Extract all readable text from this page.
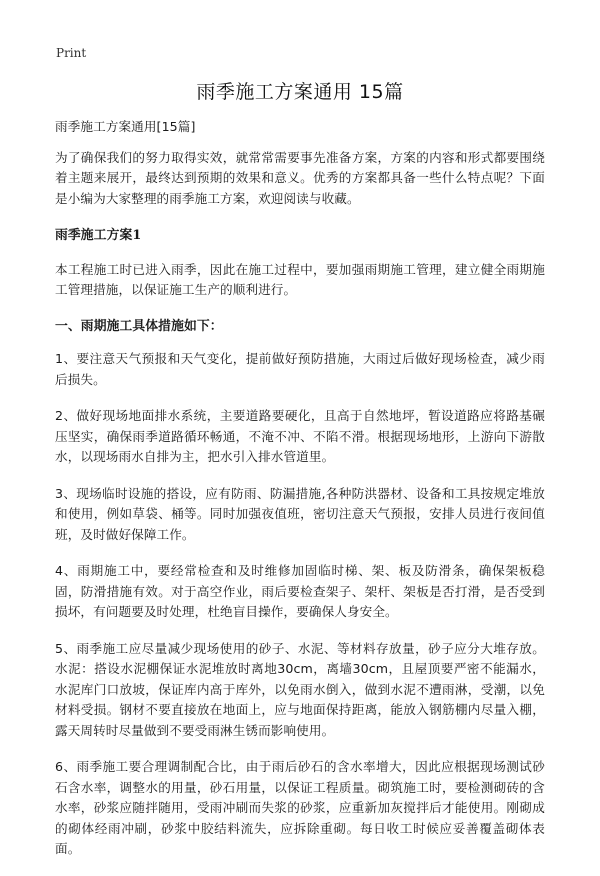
Print
雨季施工方案通用 15篇

雨季施工方案通用[15篇]

为了确保我们的努力取得实效，就常常需要事先准备方案，方案的内容和形式都要围绕着主题来展开，最终达到预期的效果和意义。优秀的方案都具备一些什么特点呢？下面是小编为大家整理的雨季施工方案，欢迎阅读与收藏。

雨季施工方案1

本工程施工时已进入雨季，因此在施工过程中，要加强雨期施工管理，建立健全雨期施工管理措施，以保证施工生产的顺利进行。

一、雨期施工具体措施如下：

1、要注意天气预报和天气变化，提前做好预防措施，大雨过后做好现场检查，减少雨后损失。

2、做好现场地面排水系统，主要道路要硬化，且高于自然地坪，暂设道路应将路基碾压坚实，确保雨季道路循环畅通，不淹不冲、不陷不滑。根据现场地形，上游向下游散水，以现场雨水自排为主，把水引入排水管道里。

3、现场临时设施的搭设，应有防雨、防漏措施,各种防洪器材、设备和工具按规定堆放和使用，例如草袋、桶等。同时加强夜值班，密切注意天气预报，安排人员进行夜间值班，及时做好保障工作。

4、雨期施工中，要经常检查和及时维修加固临时梯、架、板及防滑条，确保架板稳固，防滑措施有效。对于高空作业，雨后要检查架子、架杆、架板是否打滑，是否受到损坏，有问题要及时处理，杜绝盲目操作，要确保人身安全。

5、雨季施工应尽量减少现场使用的砂子、水泥、等材料存放量，砂子应分大堆存放。水泥：搭设水泥棚保证水泥堆放时离地30cm，离墙30cm，且屋顶要严密不能漏水，水泥库门口放坡，保证库内高于库外，以免雨水倒入，做到水泥不遭雨淋，受潮，以免材料受损。钢材不要直接放在地面上，应与地面保持距离，能放入钢筋棚内尽量入棚，露天周转时尽量做到不要受雨淋生锈而影响使用。

6、雨季施工要合理调制配合比，由于雨后砂石的含水率增大，因此应根据现场测试砂石含水率，调整水的用量，砂石用量，以保证工程质量。砌筑施工时，要检测砌砖的含水率，砂浆应随拌随用，受雨冲刷而失浆的砂浆，应重新加灰搅拌后才能使用。刚砌成的砌体经雨冲刷，砂浆中胶结料流失，应拆除重砌。每日收工时候应妥善覆盖砌体表面。
